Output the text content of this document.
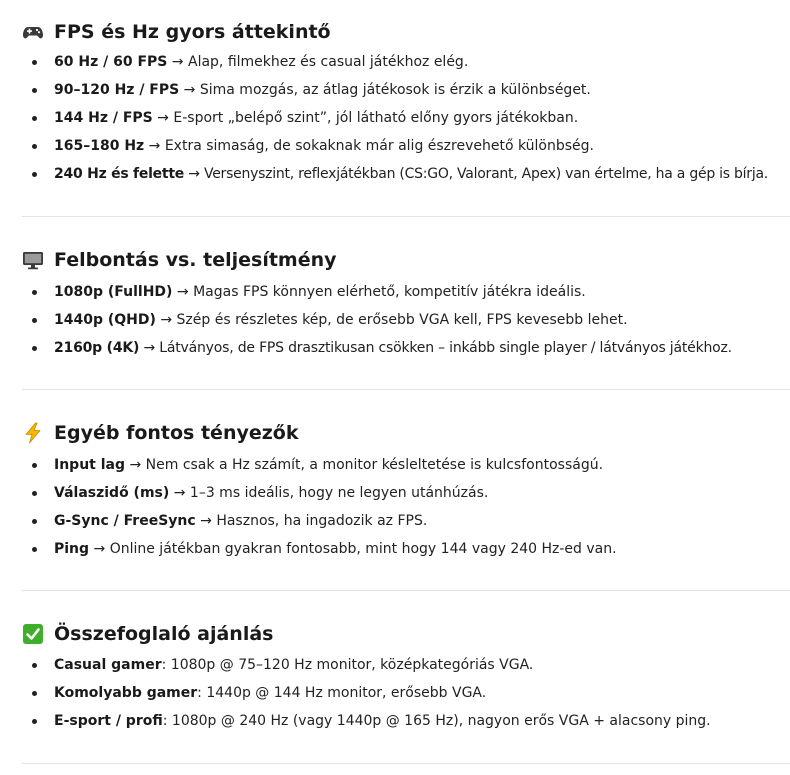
FPS és Hz gyors áttekintő
60 Hz / 60 FPS → Alap, filmekhez és casual játékhoz elég.
90–120 Hz / FPS → Sima mozgás, az átlag játékosok is érzik a különbséget.
144 Hz / FPS → E-sport „belépő szint”, jól látható előny gyors játékokban.
165–180 Hz → Extra simaság, de sokaknak már alig észrevehető különbség.
240 Hz és felette → Versenyszint, reflexjátékban (CS:GO, Valorant, Apex) van értelme, ha a gép is bírja.
Felbontás vs. teljesítmény
1080p (FullHD) → Magas FPS könnyen elérhető, kompetitív játékra ideális.
1440p (QHD) → Szép és részletes kép, de erősebb VGA kell, FPS kevesebb lehet.
2160p (4K) → Látványos, de FPS drasztikusan csökken – inkább single player / látványos játékhoz.
Egyéb fontos tényezők
Input lag → Nem csak a Hz számít, a monitor késleltetése is kulcsfontosságú.
Válaszidő (ms) → 1–3 ms ideális, hogy ne legyen utánhúzás.
G-Sync / FreeSync → Hasznos, ha ingadozik az FPS.
Ping → Online játékban gyakran fontosabb, mint hogy 144 vagy 240 Hz-ed van.
Összefoglaló ajánlás
Casual gamer : 1080p @ 75–120 Hz monitor, középkategóriás VGA.
Komolyabb gamer : 1440p @ 144 Hz monitor, erősebb VGA.
E-sport / profi : 1080p @ 240 Hz (vagy 1440p @ 165 Hz), nagyon erős VGA + alacsony ping.
